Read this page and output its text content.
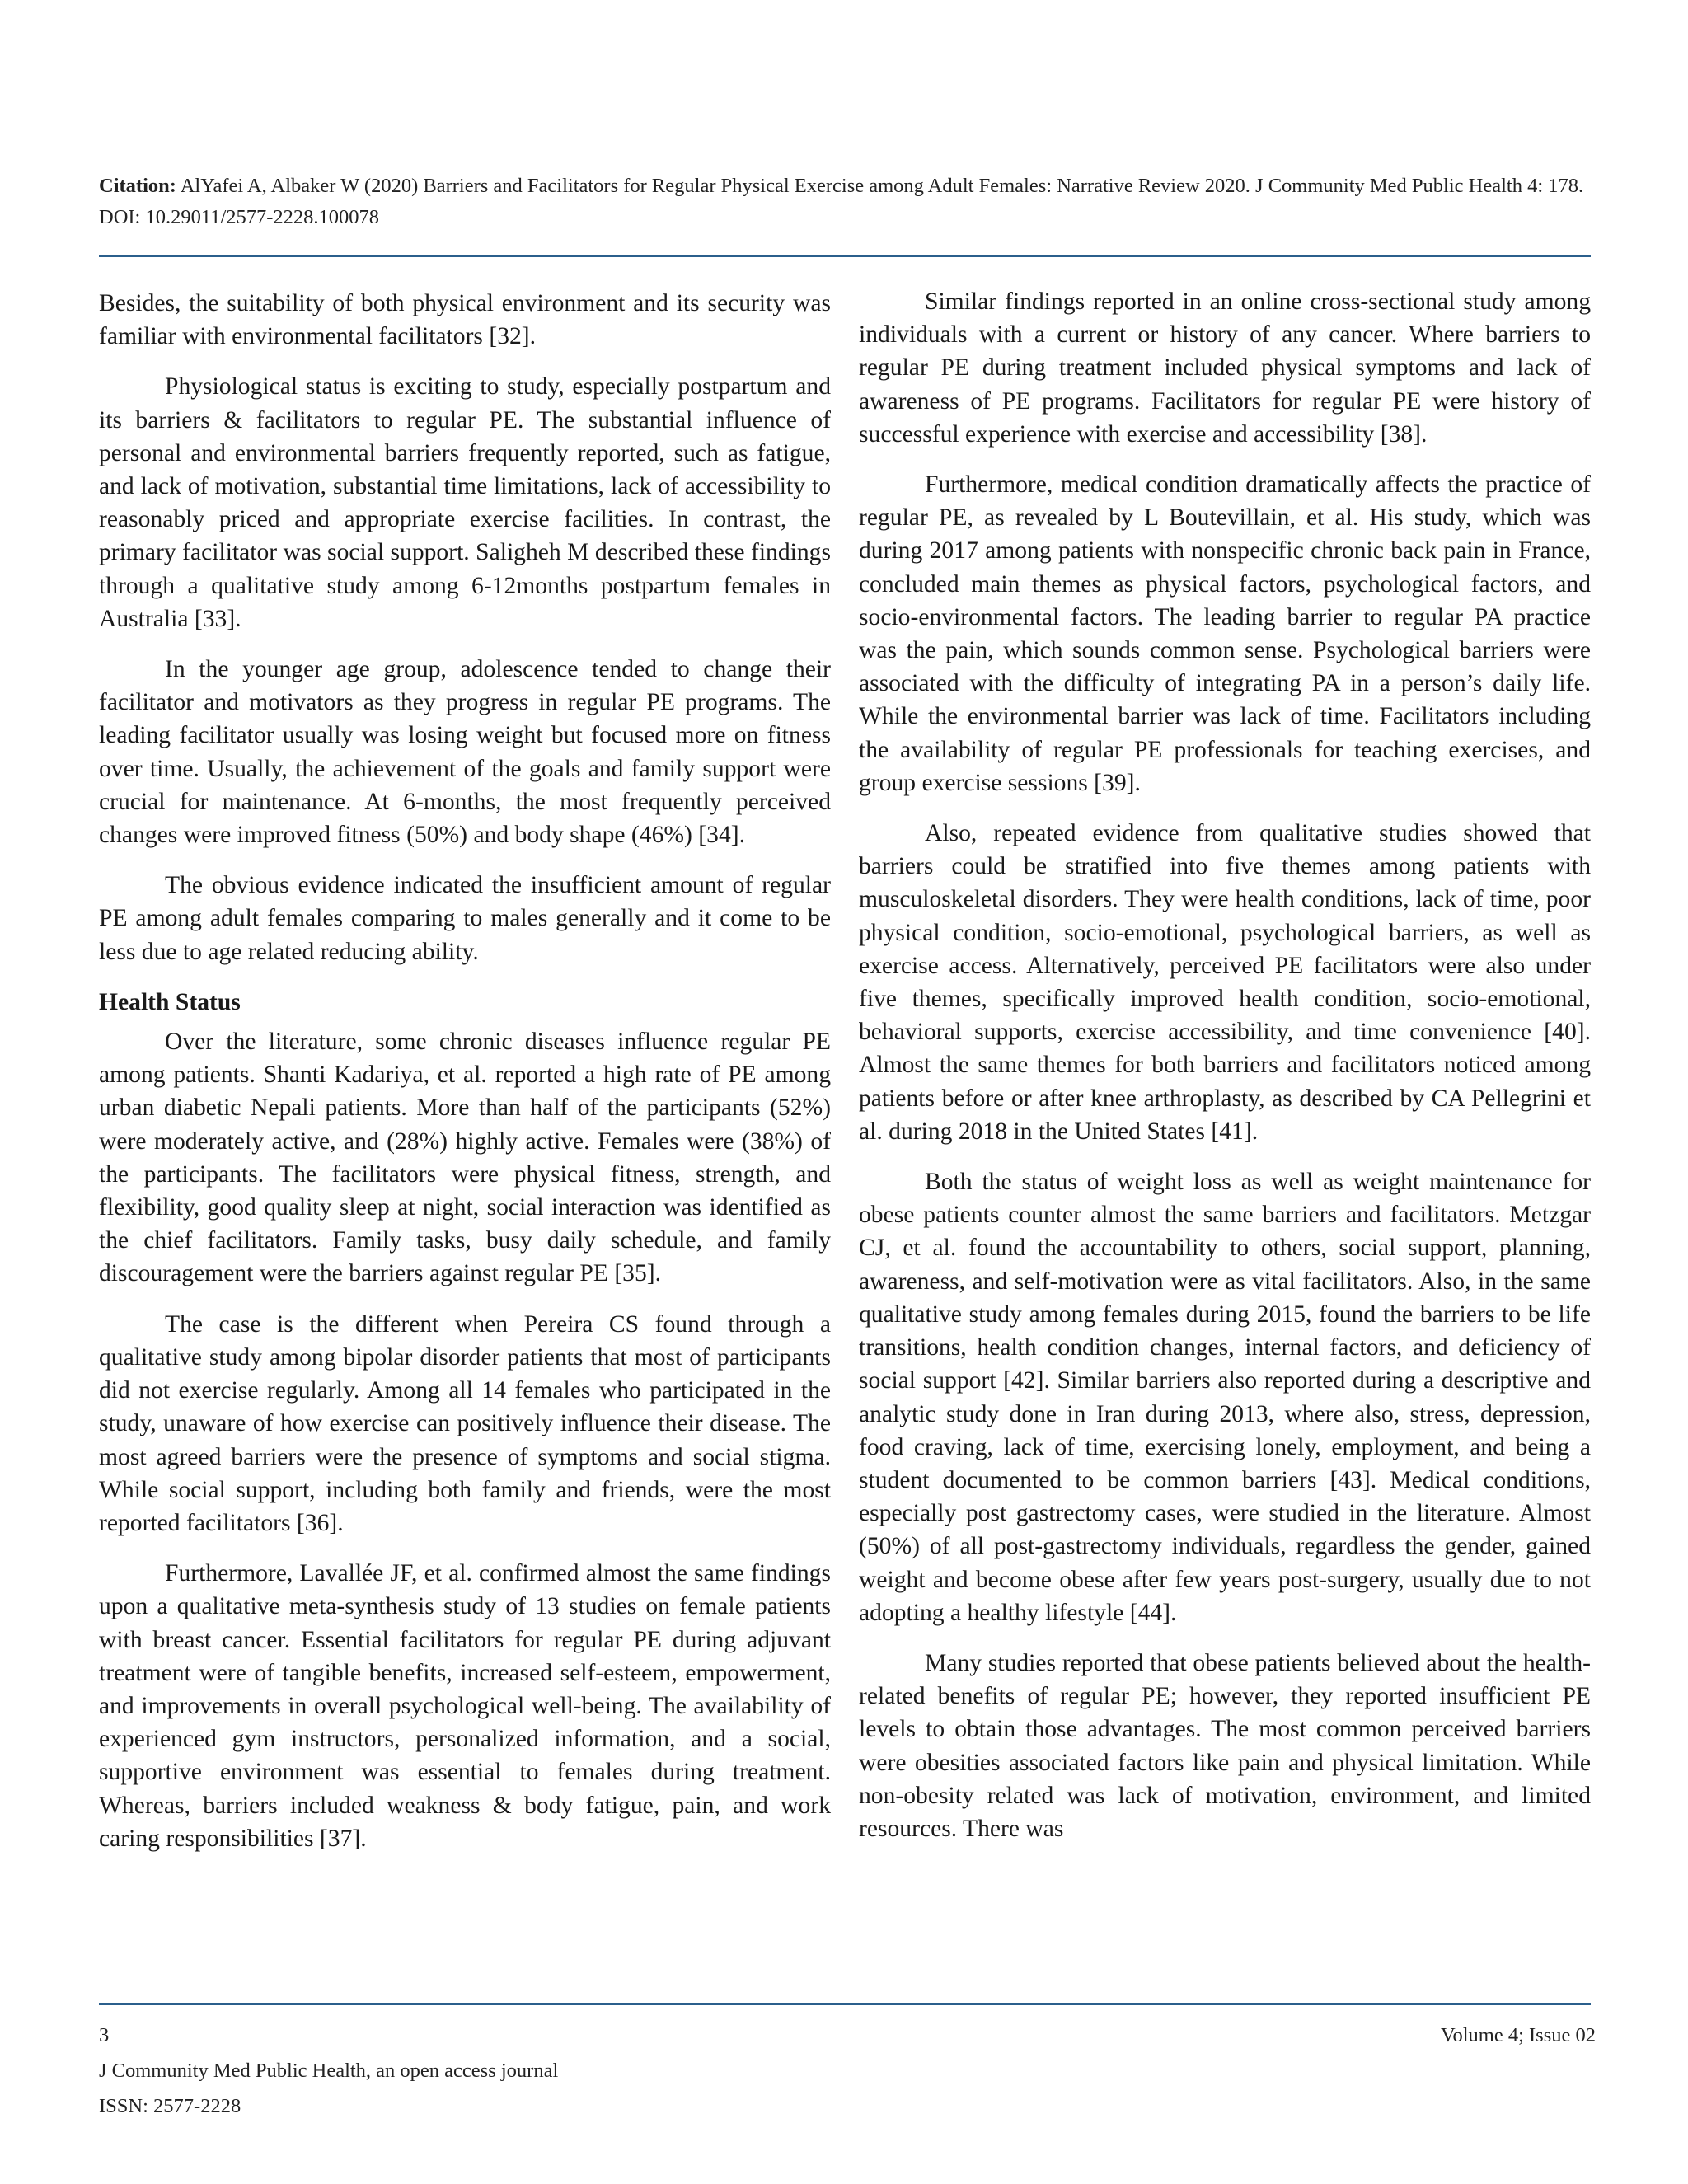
Citation: AlYafei A, Albaker W (2020) Barriers and Facilitators for Regular Physical Exercise among Adult Females: Narrative Review 2020. J Community Med Public Health 4: 178. DOI: 10.29011/2577-2228.100078

Besides, the suitability of both physical environment and its security was familiar with environmental facilitators [32].

Physiological status is exciting to study, especially postpartum and its barriers & facilitators to regular PE. The substantial influence of personal and environmental barriers frequently reported, such as fatigue, and lack of motivation, substantial time limitations, lack of accessibility to reasonably priced and appropriate exercise facilities. In contrast, the primary facilitator was social support. Saligheh M described these findings through a qualitative study among 6-12months postpartum females in Australia [33].

In the younger age group, adolescence tended to change their facilitator and motivators as they progress in regular PE programs. The leading facilitator usually was losing weight but focused more on fitness over time. Usually, the achievement of the goals and family support were crucial for maintenance. At 6-months, the most frequently perceived changes were improved fitness (50%) and body shape (46%) [34].

The obvious evidence indicated the insufficient amount of regular PE among adult females comparing to males generally and it come to be less due to age related reducing ability.

Health Status

Over the literature, some chronic diseases influence regular PE among patients. Shanti Kadariya, et al. reported a high rate of PE among urban diabetic Nepali patients. More than half of the participants (52%) were moderately active, and (28%) highly active. Females were (38%) of the participants. The facilitators were physical fitness, strength, and flexibility, good quality sleep at night, social interaction was identified as the chief facilitators. Family tasks, busy daily schedule, and family discouragement were the barriers against regular PE [35].

The case is the different when Pereira CS found through a qualitative study among bipolar disorder patients that most of participants did not exercise regularly. Among all 14 females who participated in the study, unaware of how exercise can positively influence their disease. The most agreed barriers were the presence of symptoms and social stigma. While social support, including both family and friends, were the most reported facilitators [36].

Furthermore, Lavallée JF, et al. confirmed almost the same findings upon a qualitative meta-synthesis study of 13 studies on female patients with breast cancer. Essential facilitators for regular PE during adjuvant treatment were of tangible benefits, increased self-esteem, empowerment, and improvements in overall psychological well-being. The availability of experienced gym instructors, personalized information, and a social, supportive environment was essential to females during treatment. Whereas, barriers included weakness & body fatigue, pain, and work caring responsibilities [37].

Similar findings reported in an online cross-sectional study among individuals with a current or history of any cancer. Where barriers to regular PE during treatment included physical symptoms and lack of awareness of PE programs. Facilitators for regular PE were history of successful experience with exercise and accessibility [38].

Furthermore, medical condition dramatically affects the practice of regular PE, as revealed by L Boutevillain, et al. His study, which was during 2017 among patients with nonspecific chronic back pain in France, concluded main themes as physical factors, psychological factors, and socio-environmental factors. The leading barrier to regular PA practice was the pain, which sounds common sense. Psychological barriers were associated with the difficulty of integrating PA in a person’s daily life. While the environmental barrier was lack of time. Facilitators including the availability of regular PE professionals for teaching exercises, and group exercise sessions [39].

Also, repeated evidence from qualitative studies showed that barriers could be stratified into five themes among patients with musculoskeletal disorders. They were health conditions, lack of time, poor physical condition, socio-emotional, psychological barriers, as well as exercise access. Alternatively, perceived PE facilitators were also under five themes, specifically improved health condition, socio-emotional, behavioral supports, exercise accessibility, and time convenience [40]. Almost the same themes for both barriers and facilitators noticed among patients before or after knee arthroplasty, as described by CA Pellegrini et al. during 2018 in the United States [41].

Both the status of weight loss as well as weight maintenance for obese patients counter almost the same barriers and facilitators. Metzgar CJ, et al. found the accountability to others, social support, planning, awareness, and self-motivation were as vital facilitators. Also, in the same qualitative study among females during 2015, found the barriers to be life transitions, health condition changes, internal factors, and deficiency of social support [42]. Similar barriers also reported during a descriptive and analytic study done in Iran during 2013, where also, stress, depression, food craving, lack of time, exercising lonely, employment, and being a student documented to be common barriers [43]. Medical conditions, especially post gastrectomy cases, were studied in the literature. Almost (50%) of all post-gastrectomy individuals, regardless the gender, gained weight and become obese after few years post-surgery, usually due to not adopting a healthy lifestyle [44].

Many studies reported that obese patients believed about the health-related benefits of regular PE; however, they reported insufficient PE levels to obtain those advantages. The most common perceived barriers were obesities associated factors like pain and physical limitation. While non-obesity related was lack of motivation, environment, and limited resources. There was

3
J Community Med Public Health, an open access journal
ISSN: 2577-2228
Volume 4; Issue 02
